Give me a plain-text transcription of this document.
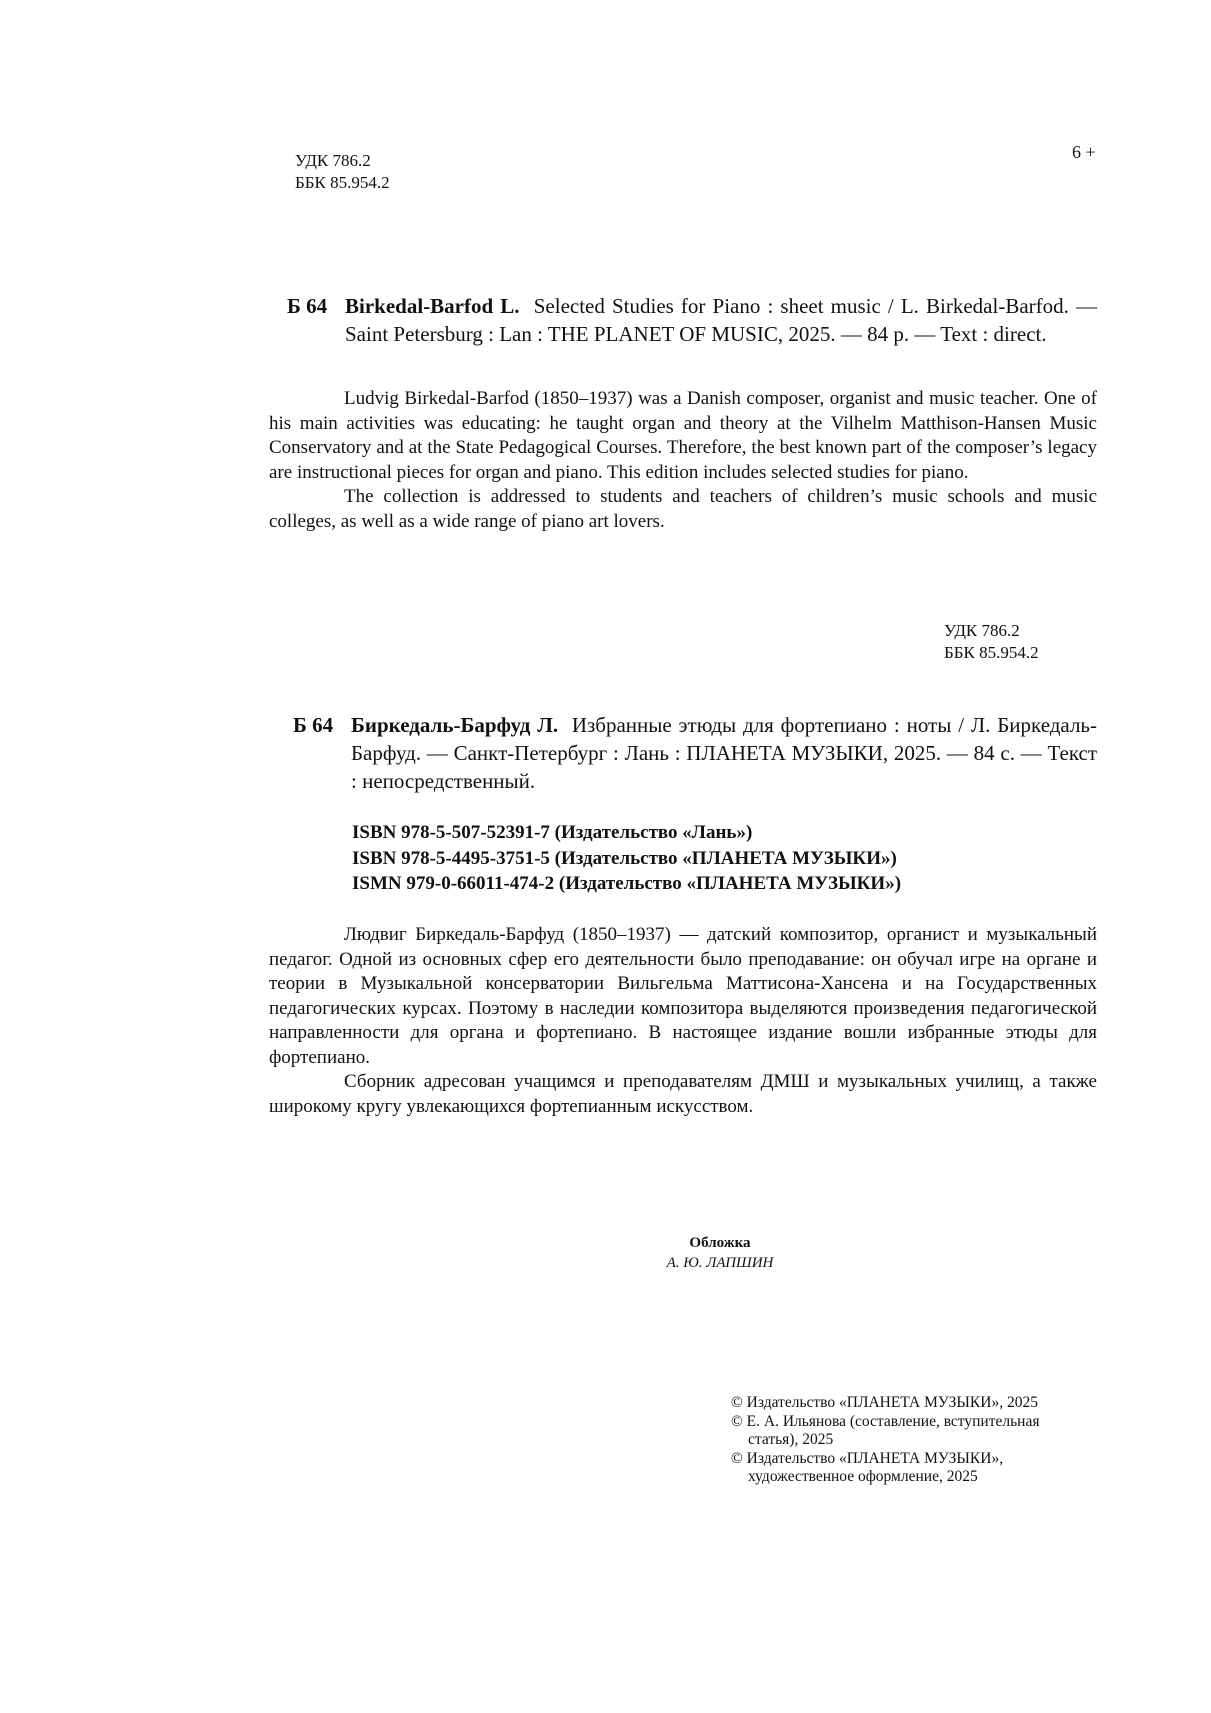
УДК 786.2
ББК 85.954.2
6 +
Б 64 Birkedal-Barfod L. Selected Studies for Piano : sheet music / L. Birkedal-Barfod. — Saint Petersburg : Lan : THE PLANET OF MUSIC, 2025. — 84 p. — Text : direct.

Ludvig Birkedal-Barfod (1850–1937) was a Danish composer, organist and music teacher. One of his main activities was educating: he taught organ and theory at the Vilhelm Matthison-Hansen Music Conservatory and at the State Pedagogical Courses. Therefore, the best known part of the composer’s legacy are instructional pieces for organ and piano. This edition includes selected studies for piano.

The collection is addressed to students and teachers of children’s music schools and music colleges, as well as a wide range of piano art lovers.

УДК 786.2
ББК 85.954.2
Б 64 Биркедаль-Барфуд Л. Избранные этюды для фортепиано : ноты / Л. Биркедаль-Барфуд. — Санкт-Петербург : Лань : ПЛАНЕТА МУЗЫКИ, 2025. — 84 с. — Текст : непосредственный.
ISBN 978-5-507-52391-7 (Издательство «Лань»)
ISBN 978-5-4495-3751-5 (Издательство «ПЛАНЕТА МУЗЫКИ»)
ISMN 979-0-66011-474-2 (Издательство «ПЛАНЕТА МУЗЫКИ»)

Людвиг Биркедаль-Барфуд (1850–1937) — датский композитор, органист и музыкальный педагог. Одной из основных сфер его деятельности было преподавание: он обучал игре на органе и теории в Музыкальной консерватории Вильгельма Маттисона-Хансена и на Государственных педагогических курсах. Поэтому в наследии композитора выделяются произведения педагогической направленности для органа и фортепиано. В настоящее издание вошли избранные этюды для фортепиано.

Сборник адресован учащимся и преподавателям ДМШ и музыкальных училищ, а также широкому кругу увлекающихся фортепианным искусством.

Обложка
А. Ю. ЛАПШИН
© Издательство «ПЛАНЕТА МУЗЫКИ», 2025
© Е. А. Ильянова (составление, вступительная статья), 2025
© Издательство «ПЛАНЕТА МУЗЫКИ», художественное оформление, 2025
